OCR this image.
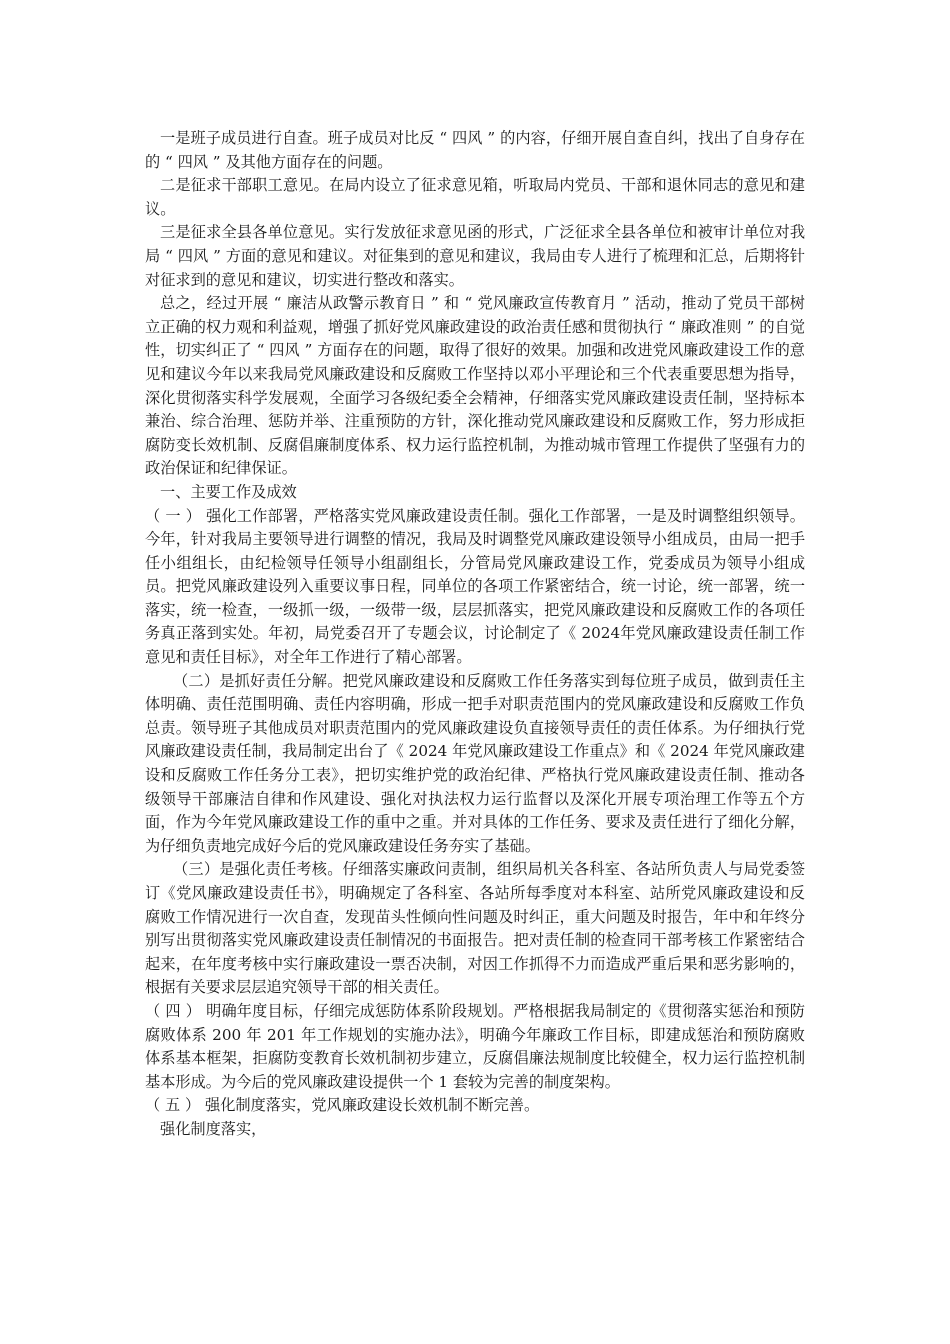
一是班子成员进行自查。班子成员对比反 “ 四风 ” 的内容，仔细开展自查自纠，找出了自身存在的 “ 四风 ” 及其他方面存在的问题。

二是征求干部职工意见。在局内设立了征求意见箱，听取局内党员、干部和退休同志的意见和建议。

三是征求全县各单位意见。实行发放征求意见函的形式，广泛征求全县各单位和被审计单位对我局 “ 四风 ” 方面的意见和建议。对征集到的意见和建议，我局由专人进行了梳理和汇总，后期将针对征求到的意见和建议，切实进行整改和落实。

总之，经过开展 “ 廉洁从政警示教育日 ” 和 “ 党风廉政宣传教育月 ” 活动，推动了党员干部树立正确的权力观和利益观，增强了抓好党风廉政建设的政治责任感和贯彻执行 “ 廉政准则 ” 的自觉性，切实纠正了 “ 四风 ” 方面存在的问题，取得了很好的效果。加强和改进党风廉政建设工作的意见和建议今年以来我局党风廉政建设和反腐败工作坚持以邓小平理论和三个代表重要思想为指导，深化贯彻落实科学发展观，全面学习各级纪委全会精神，仔细落实党风廉政建设责任制，坚持标本兼治、综合治理、惩防并举、注重预防的方针，深化推动党风廉政建设和反腐败工作，努力形成拒腐防变长效机制、反腐倡廉制度体系、权力运行监控机制，为推动城市管理工作提供了坚强有力的政治保证和纪律保证。

一、主要工作及成效

（ 一 ） 强化工作部署，严格落实党风廉政建设责任制。强化工作部署，一是及时调整组织领导。今年，针对我局主要领导进行调整的情况，我局及时调整党风廉政建设领导小组成员，由局一把手任小组组长，由纪检领导任领导小组副组长，分管局党风廉政建设工作，党委成员为领导小组成员。把党风廉政建设列入重要议事日程，同单位的各项工作紧密结合，统一讨论，统一部署，统一落实，统一检查，一级抓一级，一级带一级，层层抓落实，把党风廉政建设和反腐败工作的各项任务真正落到实处。年初，局党委召开了专题会议，讨论制定了《 2024年党风廉政建设责任制工作意见和责任目标》，对全年工作进行了精心部署。

（二）是抓好责任分解。把党风廉政建设和反腐败工作任务落实到每位班子成员，做到责任主体明确、责任范围明确、责任内容明确，形成一把手对职责范围内的党风廉政建设和反腐败工作负总责。领导班子其他成员对职责范围内的党风廉政建设负直接领导责任的责任体系。为仔细执行党风廉政建设责任制，我局制定出台了《 2024 年党风廉政建设工作重点》和《 2024 年党风廉政建设和反腐败工作任务分工表》，把切实维护党的政治纪律、严格执行党风廉政建设责任制、推动各级领导干部廉洁自律和作风建设、强化对执法权力运行监督以及深化开展专项治理工作等五个方面，作为今年党风廉政建设工作的重中之重。并对具体的工作任务、要求及责任进行了细化分解，为仔细负责地完成好今后的党风廉政建设任务夯实了基础。

（三）是强化责任考核。仔细落实廉政问责制，组织局机关各科室、各站所负责人与局党委签订《党风廉政建设责任书》，明确规定了各科室、各站所每季度对本科室、站所党风廉政建设和反腐败工作情况进行一次自查，发现苗头性倾向性问题及时纠正，重大问题及时报告，年中和年终分别写出贯彻落实党风廉政建设责任制情况的书面报告。把对责任制的检查同干部考核工作紧密结合起来，在年度考核中实行廉政建设一票否决制，对因工作抓得不力而造成严重后果和恶劣影响的，根据有关要求层层追究领导干部的相关责任。

（ 四 ） 明确年度目标，仔细完成惩防体系阶段规划。严格根据我局制定的《贯彻落实惩治和预防腐败体系 200 年 201 年工作规划的实施办法》，明确今年廉政工作目标，即建成惩治和预防腐败体系基本框架，拒腐防变教育长效机制初步建立，反腐倡廉法规制度比较健全，权力运行监控机制基本形成。为今后的党风廉政建设提供一个 1 套较为完善的制度架构。

（ 五 ） 强化制度落实，党风廉政建设长效机制不断完善。

强化制度落实，
